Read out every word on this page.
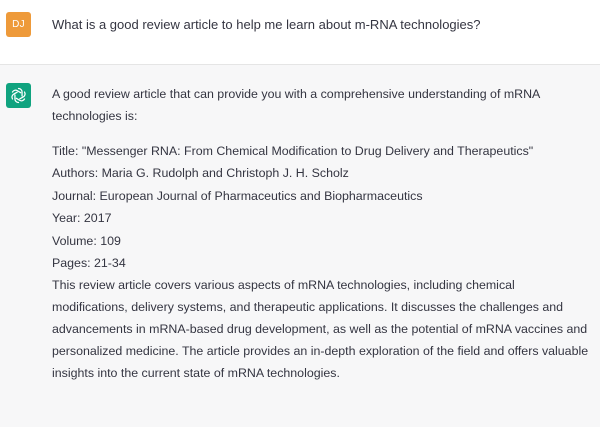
DJ	What is a good review article to help me learn about m-RNA technologies?

A good review article that can provide you with a comprehensive understanding of mRNA technologies is:

Title: "Messenger RNA: From Chemical Modification to Drug Delivery and Therapeutics"
Authors: Maria G. Rudolph and Christoph J. H. Scholz
Journal: European Journal of Pharmaceutics and Biopharmaceutics
Year: 2017
Volume: 109
Pages: 21-34

This review article covers various aspects of mRNA technologies, including chemical modifications, delivery systems, and therapeutic applications. It discusses the challenges and advancements in mRNA-based drug development, as well as the potential of mRNA vaccines and personalized medicine. The article provides an in-depth exploration of the field and offers valuable insights into the current state of mRNA technologies.
